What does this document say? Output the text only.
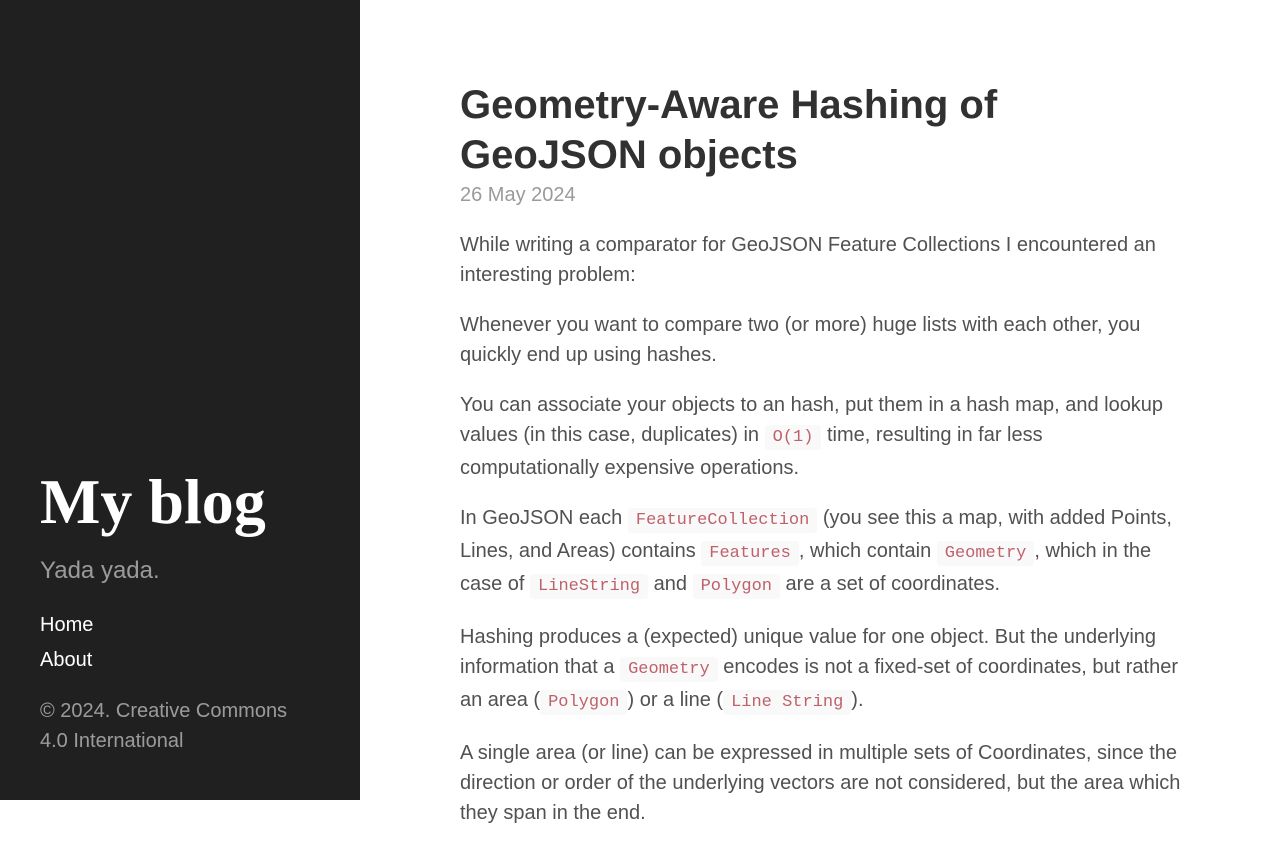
My blog

Yada yada.

Home
About

© 2024. Creative Commons 4.0 International

Geometry-Aware Hashing of GeoJSON objects
26 May 2024

While writing a comparator for GeoJSON Feature Collections I encountered an interesting problem:

Whenever you want to compare two (or more) huge lists with each other, you quickly end up using hashes.

You can associate your objects to an hash, put them in a hash map, and lookup values (in this case, duplicates) in O(1) time, resulting in far less computationally expensive operations.

In GeoJSON each FeatureCollection (you see this a map, with added Points, Lines, and Areas) contains Features , which contain Geometry , which in the case of LineString and Polygon are a set of coordinates.

Hashing produces a (expected) unique value for one object. But the underlying information that a Geometry encodes is not a fixed-set of coordinates, but rather an area ( Polygon ) or a line ( Line String ).

A single area (or line) can be expressed in multiple sets of Coordinates, since the direction or order of the underlying vectors are not considered, but the area which they span in the end.
